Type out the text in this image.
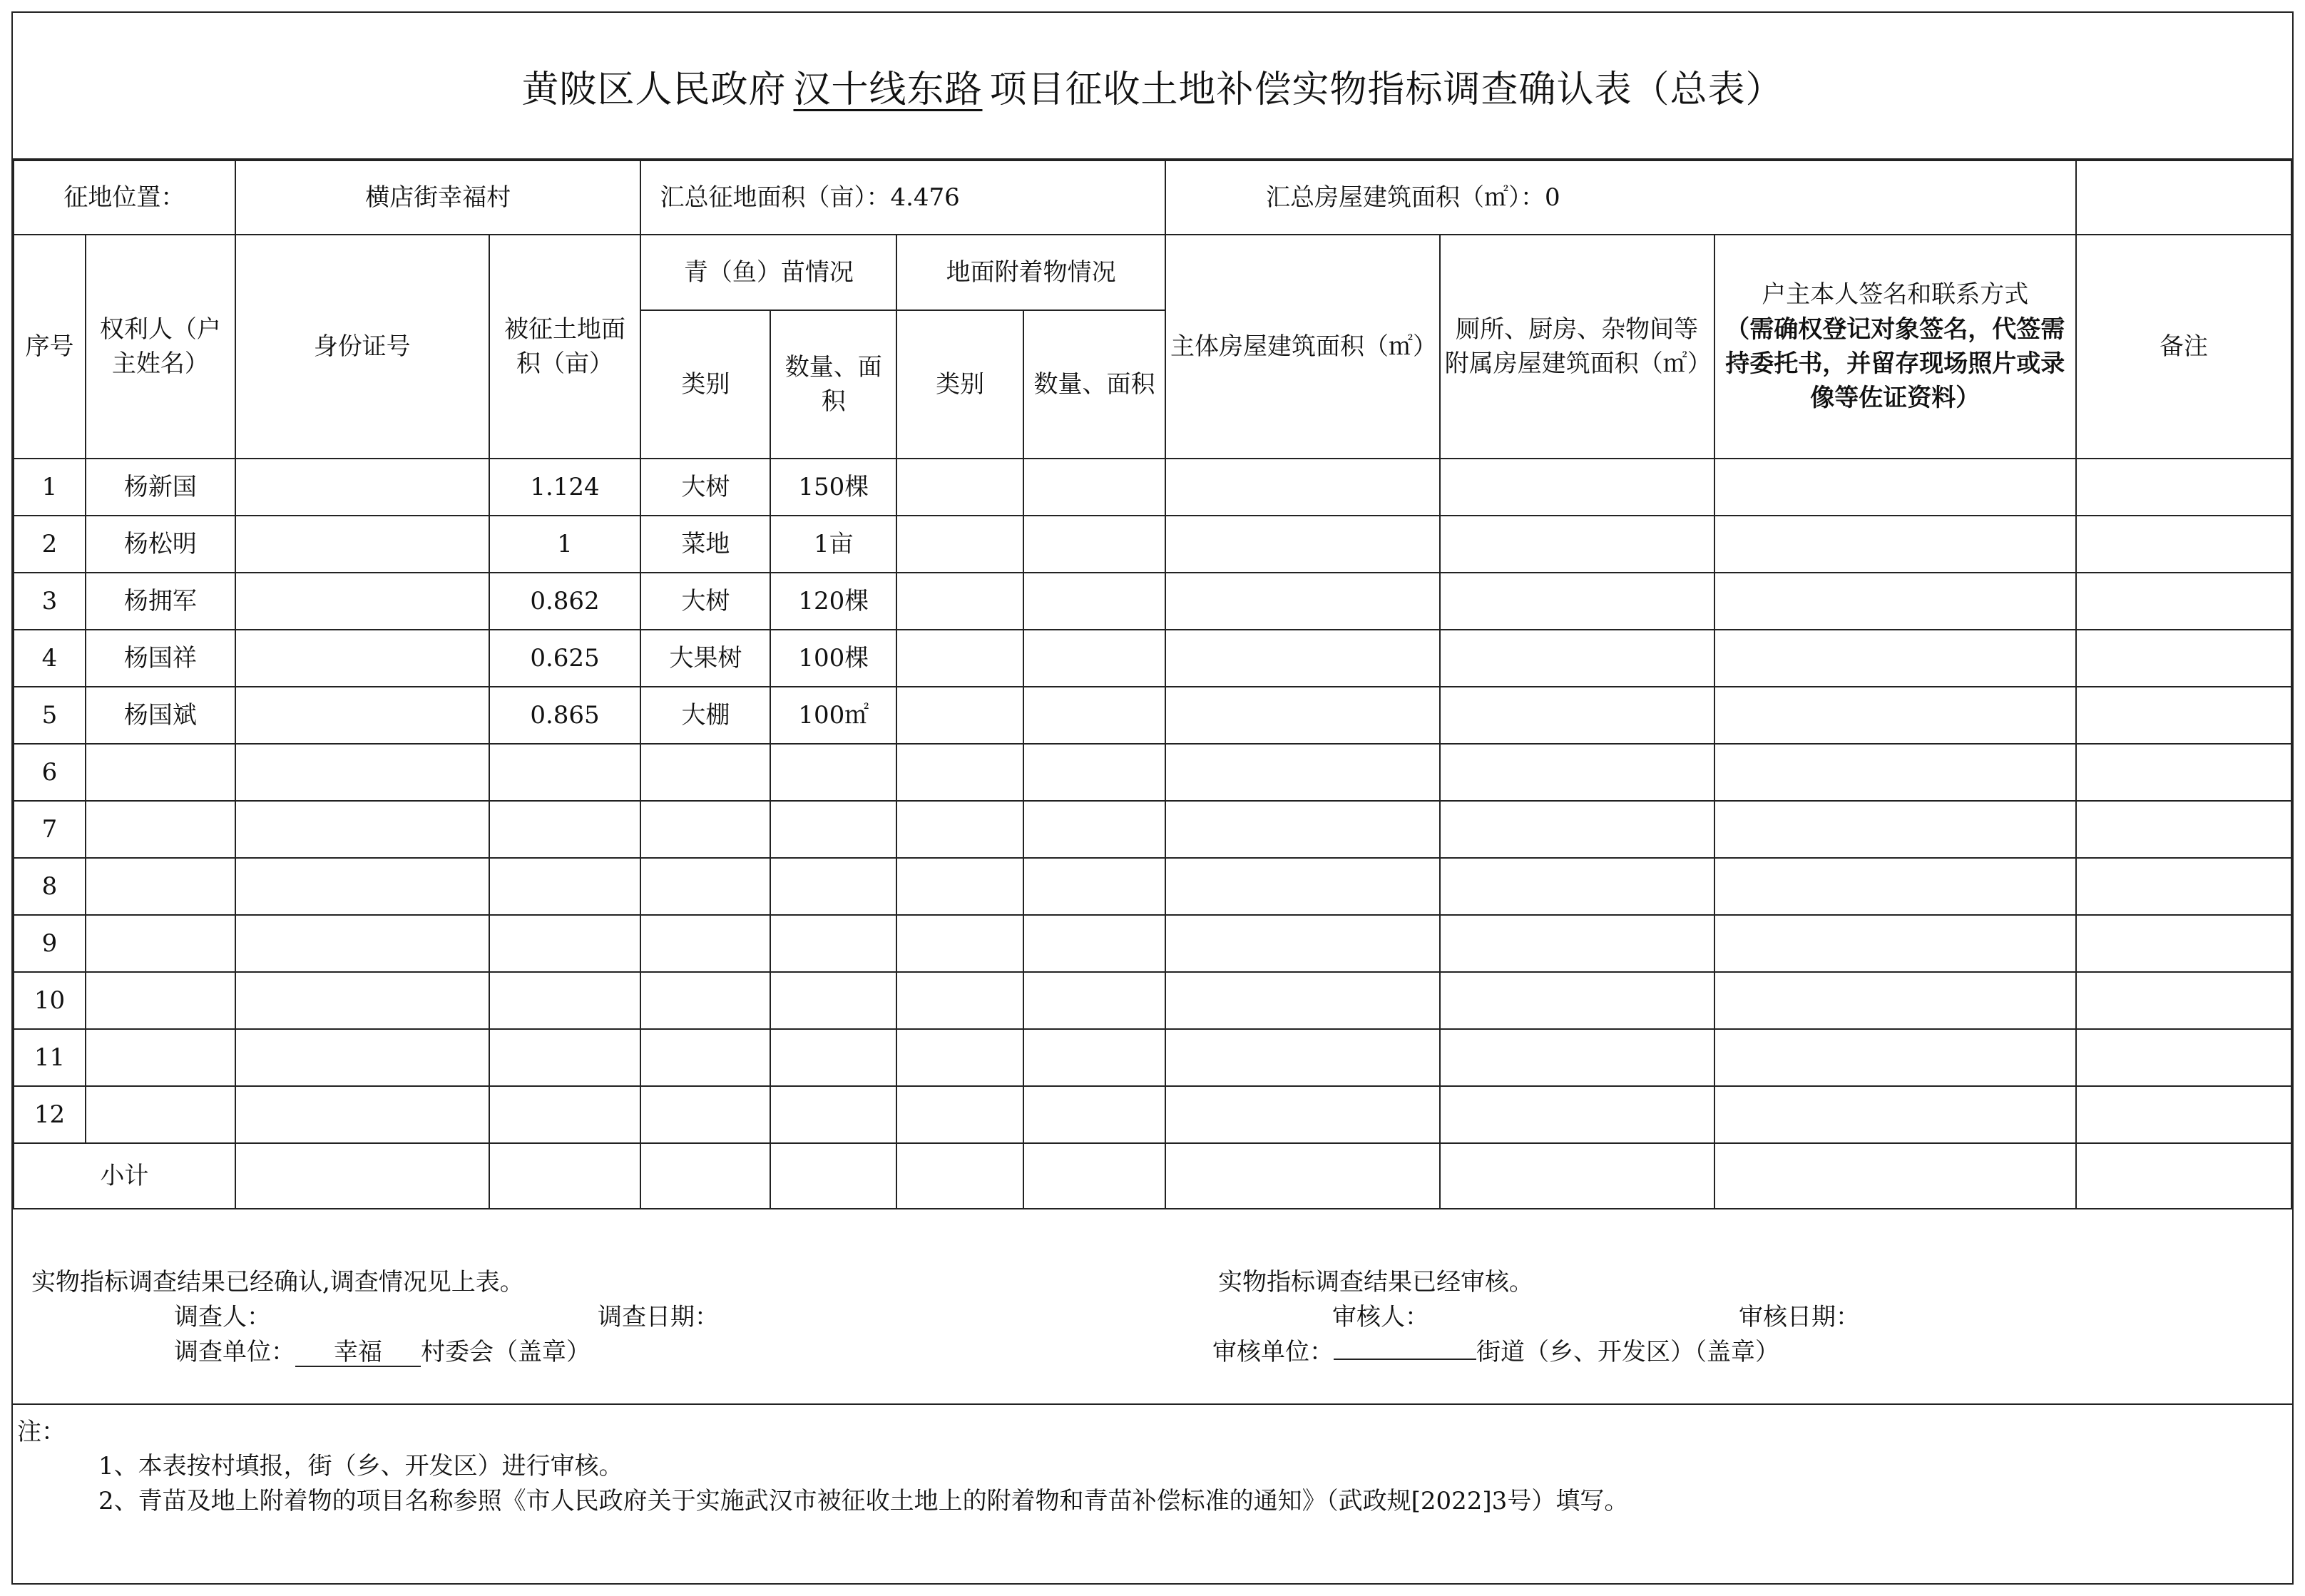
黄陂区人民政府 汉十线东路 项目征收土地补偿实物指标调查确认表（总表）
征地位置：		横店街幸福村		汇总征地面积（亩）：4.476				汇总房屋建筑面积（㎡）：0			
序号	权利人（户主姓名）	身份证号	被征土地面积（亩）	青（鱼）苗情况		地面附着物情况		主体房屋建筑面积（㎡）	厕所、厨房、杂物间等附属房屋建筑面积（㎡）	户主本人签名和联系方式
（需确权登记对象签名，代签需持委托书，并留存现场照片或录像等佐证资料）	备注
				类别	数量、面积	类别	数量、面积				
1	杨新国		1.124	大树	150棵						
2	杨松明		1	菜地	1亩						
3	杨拥军		0.862	大树	120棵						
4	杨国祥		0.625	大果树	100棵						
5	杨国斌		0.865	大棚	100㎡						
6											
7											
8											
9											
10											
11											
12											
小计											
实物指标调查结果已经确认,调查情况见上表。
调查人：	调查日期：
调查单位： 幸福 村委会（盖章）
实物指标调查结果已经审核。
审核人：	审核日期：
审核单位：	街道（乡、开发区）（盖章）
注：
1、本表按村填报，街（乡、开发区）进行审核。
2、青苗及地上附着物的项目名称参照《市人民政府关于实施武汉市被征收土地上的附着物和青苗补偿标准的通知》（武政规[2022]3号）填写。
